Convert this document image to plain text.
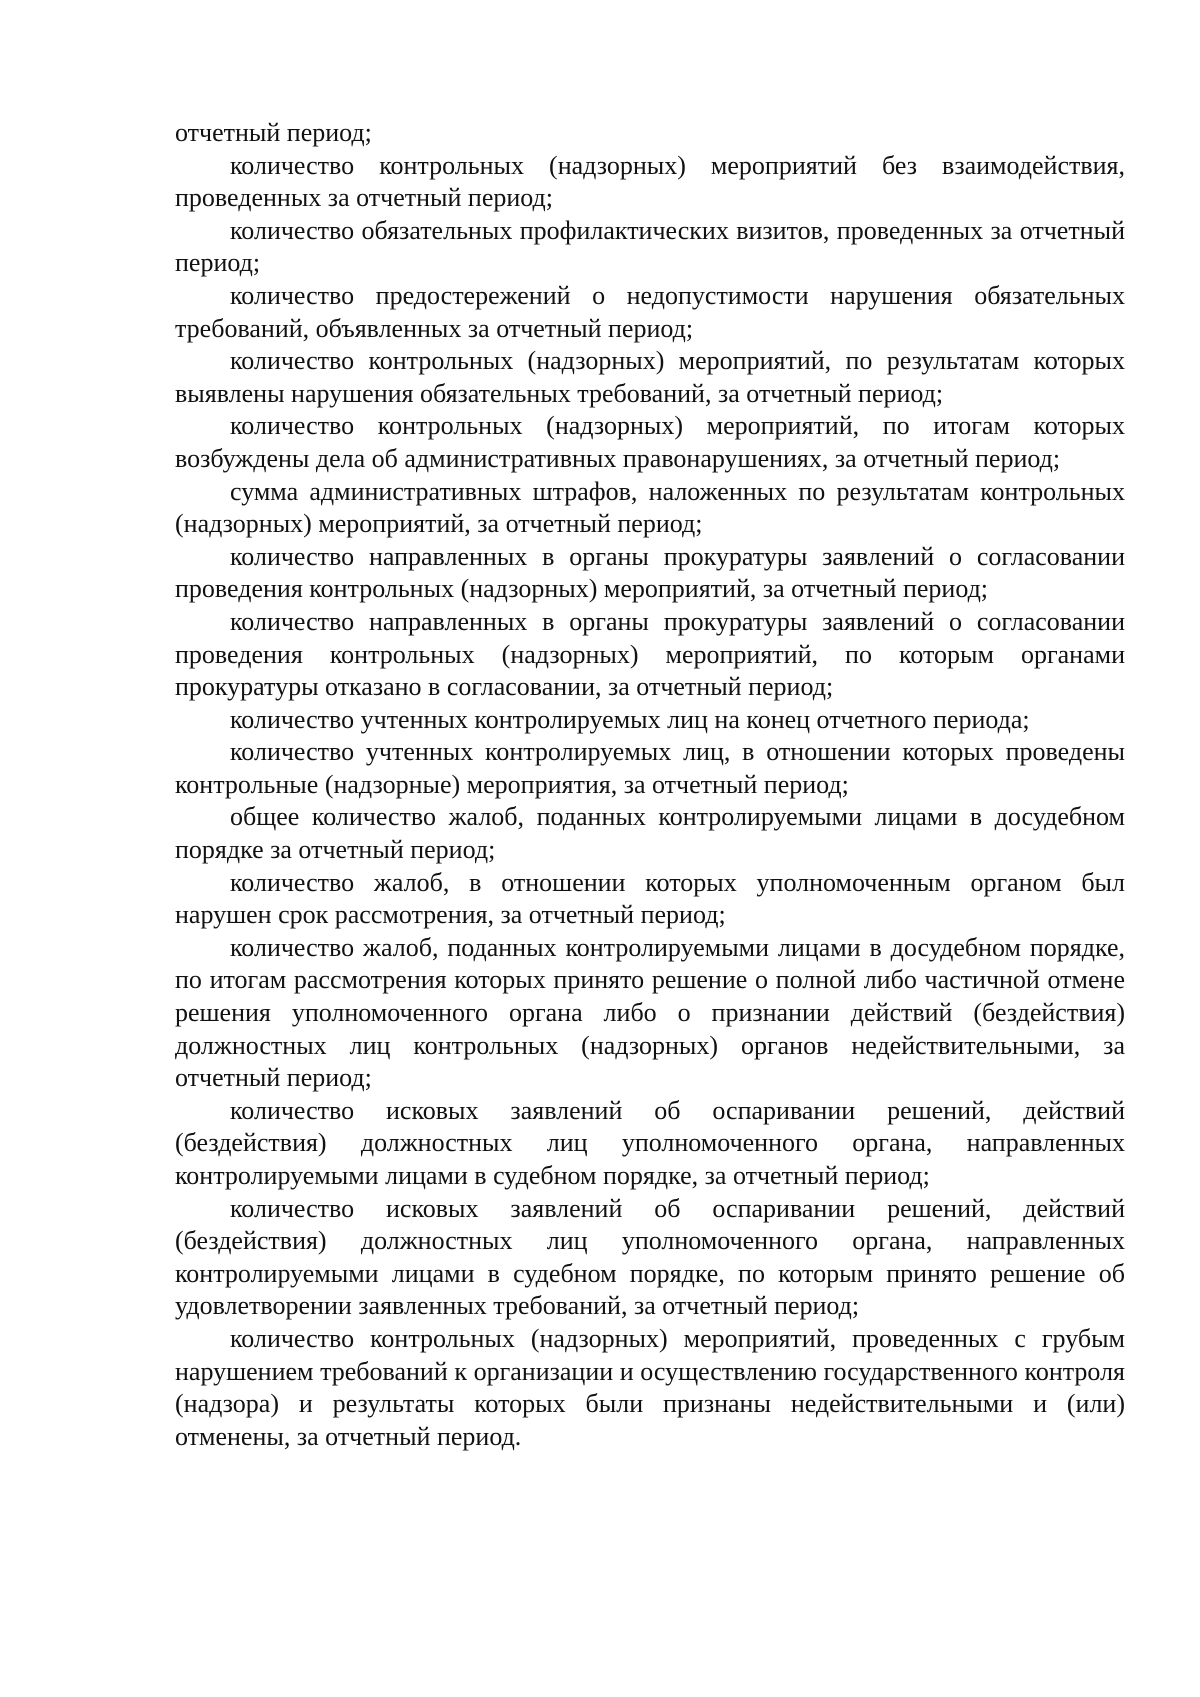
отчетный период;

количество контрольных (надзорных) мероприятий без взаимодействия, проведенных за отчетный период;

количество обязательных профилактических визитов, проведенных за отчетный период;

количество предостережений о недопустимости нарушения обязательных требований, объявленных за отчетный период;

количество контрольных (надзорных) мероприятий, по результатам которых выявлены нарушения обязательных требований, за отчетный период;

количество контрольных (надзорных) мероприятий, по итогам которых возбуждены дела об административных правонарушениях, за отчетный период;

сумма административных штрафов, наложенных по результатам контрольных (надзорных) мероприятий, за отчетный период;

количество направленных в органы прокуратуры заявлений о согласовании проведения контрольных (надзорных) мероприятий, за отчетный период;

количество направленных в органы прокуратуры заявлений о согласовании проведения контрольных (надзорных) мероприятий, по которым органами прокуратуры отказано в согласовании, за отчетный период;

количество учтенных контролируемых лиц на конец отчетного периода;

количество учтенных контролируемых лиц, в отношении которых проведены контрольные (надзорные) мероприятия, за отчетный период;

общее количество жалоб, поданных контролируемыми лицами в досудебном порядке за отчетный период;

количество жалоб, в отношении которых уполномоченным органом был нарушен срок рассмотрения, за отчетный период;

количество жалоб, поданных контролируемыми лицами в досудебном порядке, по итогам рассмотрения которых принято решение о полной либо частичной отмене решения уполномоченного органа либо о признании действий (бездействия) должностных лиц контрольных (надзорных) органов недействительными, за отчетный период;

количество исковых заявлений об оспаривании решений, действий (бездействия) должностных лиц уполномоченного органа, направленных контролируемыми лицами в судебном порядке, за отчетный период;

количество исковых заявлений об оспаривании решений, действий (бездействия) должностных лиц уполномоченного органа, направленных контролируемыми лицами в судебном порядке, по которым принято решение об удовлетворении заявленных требований, за отчетный период;

количество контрольных (надзорных) мероприятий, проведенных с грубым нарушением требований к организации и осуществлению государственного контроля (надзора) и результаты которых были признаны недействительными и (или) отменены, за отчетный период.
